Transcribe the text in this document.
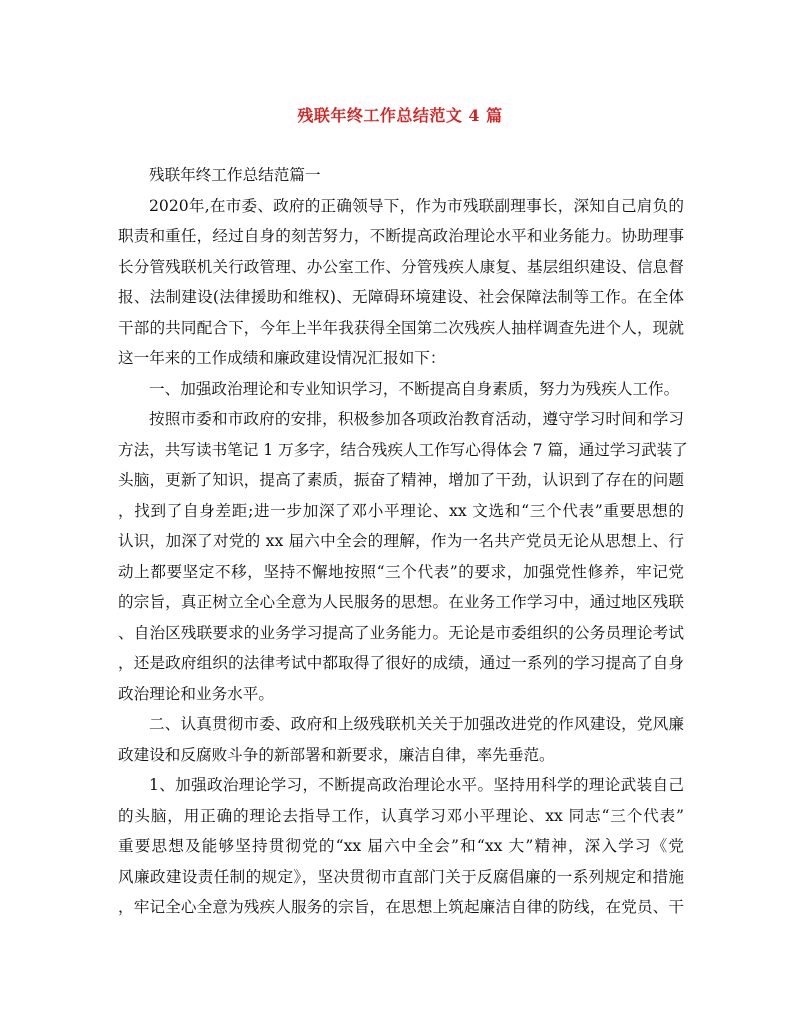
残联年终工作总结范文 4 篇
残联年终工作总结范篇一
2020年,在市委、政府的正确领导下，作为市残联副理事长，深知自己肩负的
职责和重任，经过自身的刻苦努力，不断提高政治理论水平和业务能力。协助理事
长分管残联机关行政管理、办公室工作、分管残疾人康复、基层组织建设、信息督
报、法制建设(法律援助和维权)、无障碍环境建设、社会保障法制等工作。在全体
干部的共同配合下，今年上半年我获得全国第二次残疾人抽样调查先进个人，现就
这一年来的工作成绩和廉政建设情况汇报如下：
一、加强政治理论和专业知识学习，不断提高自身素质，努力为残疾人工作。
按照市委和市政府的安排，积极参加各项政治教育活动，遵守学习时间和学习
方法，共写读书笔记 1 万多字，结合残疾人工作写心得体会 7 篇，通过学习武装了
头脑，更新了知识，提高了素质，振奋了精神，增加了干劲，认识到了存在的问题
，找到了自身差距;进一步加深了邓小平理论、xx 文选和“三个代表”重要思想的
认识，加深了对党的 xx 届六中全会的理解，作为一名共产党员无论从思想上、行
动上都要坚定不移，坚持不懈地按照“三个代表”的要求，加强党性修养，牢记党
的宗旨，真正树立全心全意为人民服务的思想。在业务工作学习中，通过地区残联
、自治区残联要求的业务学习提高了业务能力。无论是市委组织的公务员理论考试
，还是政府组织的法律考试中都取得了很好的成绩，通过一系列的学习提高了自身
政治理论和业务水平。
二、认真贯彻市委、政府和上级残联机关关于加强改进党的作风建设，党风廉
政建设和反腐败斗争的新部署和新要求，廉洁自律，率先垂范。
1、加强政治理论学习，不断提高政治理论水平。坚持用科学的理论武装自己
的头脑，用正确的理论去指导工作，认真学习邓小平理论、xx 同志“三个代表”
重要思想及能够坚持贯彻党的“xx 届六中全会”和“xx 大”精神，深入学习《党
风廉政建设责任制的规定》，坚决贯彻市直部门关于反腐倡廉的一系列规定和措施
，牢记全心全意为残疾人服务的宗旨，在思想上筑起廉洁自律的防线，在党员、干
